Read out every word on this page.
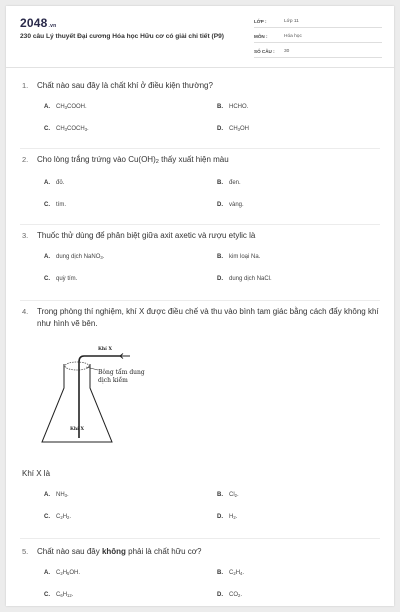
2048.vn
230 câu Lý thuyết Đại cương Hóa học Hữu cơ có giải chi tiết (P9)
LỚP :	Lớp 11
MÔN :	Hóa học
SỐ CÂU :	30
1.	Chất nào sau đây là chất khí ở điều kiện thường?
A. $CH_3COOH$.	B. HCHO.
C. $CH_3COCH_3$.	D. $CH_3OH$
2.	Cho lòng trắng trứng vào $Cu(OH)_2$ thấy xuất hiện màu
A. đỏ.	B. đen.
C. tím.	D. vàng.
3.	Thuốc thử dùng để phân biệt giữa axit axetic và rượu etylic là
A. dung dịch NaNO$_3$.	B. kim loại Na.
C. quỳ tím.	D. dung dịch NaCl.
4.	Trong phòng thí nghiệm, khí X được điều chế và thu vào bình tam giác bằng cách đẩy không khí như hình vẽ bên.
Khí X
Bông tẩm dung
dịch kiềm
Khí X
Khí X là
A. $NH_3$.	B. $Cl_2$.
C. $C_2H_2$.	D. $H_2$.
5.	Chất nào sau đây không phải là chất hữu cơ?
A. $C_2H_5OH$.	B. $C_2H_4$.
C. $C_6H_{12}$.	D. $CO_2$.
